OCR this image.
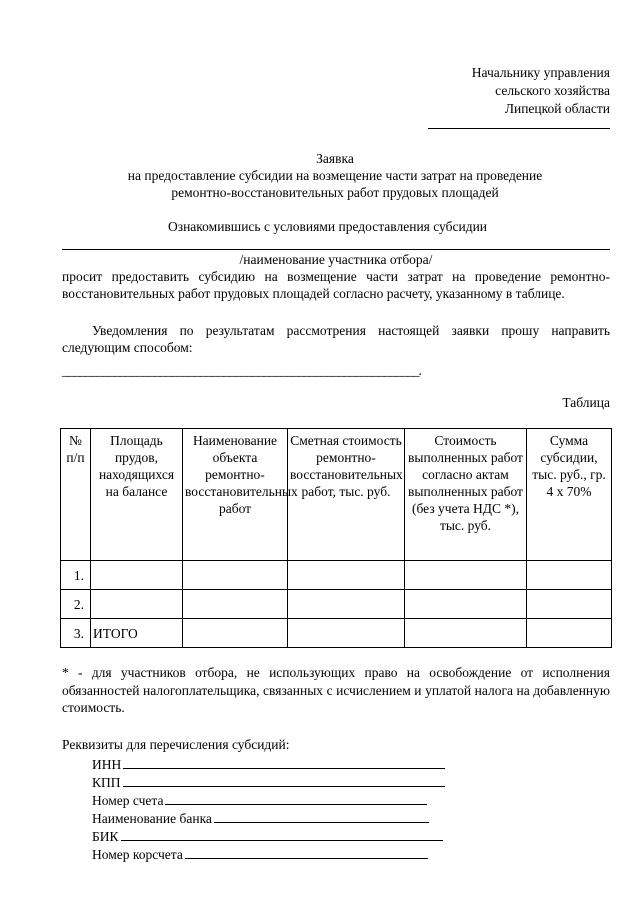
Начальнику управления
сельского хозяйства
Липецкой области
Заявка
на предоставление субсидии на возмещение части затрат на проведение
ремонтно-восстановительных работ прудовых площадей
Ознакомившись с условиями предоставления субсидии
/наименование участника отбора/
просит предоставить субсидию на возмещение части затрат на проведение ремонтно-восстановительных работ прудовых площадей согласно расчету, указанному в таблице.
Уведомления по результатам рассмотрения настоящей заявки прошу направить следующим способом:
______________________________________________________________.
Таблица
№ п/п	Площадь прудов, находящихся на балансе	Наименование объекта ремонтно-восстановительных работ	Сметная стоимость ремонтно-восстановительных работ, тыс. руб.	Стоимость выполненных работ согласно актам выполненных работ (без учета НДС *), тыс. руб.	Сумма субсидии, тыс. руб., гр. 4 x 70%
1.					
2.					
3.	ИТОГО				
* - для участников отбора, не использующих право на освобождение от исполнения обязанностей налогоплательщика, связанных с исчислением и уплатой налога на добавленную стоимость.
Реквизиты для перечисления субсидий:
ИНН
КПП
Номер счета
Наименование банка
БИК
Номер корсчета
